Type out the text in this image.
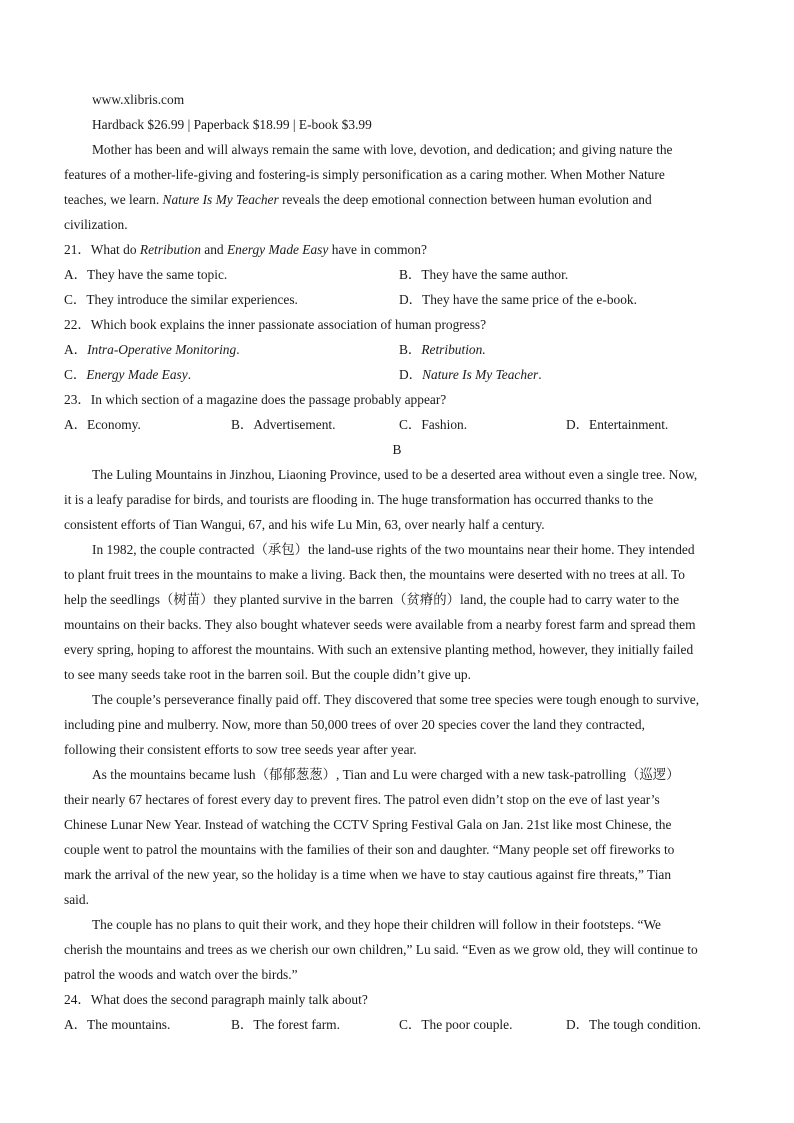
www.xlibris.com
Hardback $26.99 | Paperback $18.99 | E-book $3.99
Mother has been and will always remain the same with love, devotion, and dedication; and giving nature the
features of a mother-life-giving and fostering-is simply personification as a caring mother. When Mother Nature
teaches, we learn. Nature Is My Teacher reveals the deep emotional connection between human evolution and
civilization.
21．What do Retribution and Energy Made Easy have in common?
A．They have the same topic.	B．They have the same author.
C．They introduce the similar experiences.	D．They have the same price of the e-book.
22．Which book explains the inner passionate association of human progress?
A．Intra-Operative Monitoring.	B．Retribution.
C．Energy Made Easy.	D．Nature Is My Teacher.
23．In which section of a magazine does the passage probably appear?
A．Economy.	B．Advertisement.	C．Fashion.	D．Entertainment.
B
The Luling Mountains in Jinzhou, Liaoning Province, used to be a deserted area without even a single tree. Now,
it is a leafy paradise for birds, and tourists are flooding in. The huge transformation has occurred thanks to the
consistent efforts of Tian Wangui, 67, and his wife Lu Min, 63, over nearly half a century.
In 1982, the couple contracted（承包）the land-use rights of the two mountains near their home. They intended
to plant fruit trees in the mountains to make a living. Back then, the mountains were deserted with no trees at all. To
help the seedlings（树苗）they planted survive in the barren（贫瘠的）land, the couple had to carry water to the
mountains on their backs. They also bought whatever seeds were available from a nearby forest farm and spread them
every spring, hoping to afforest the mountains. With such an extensive planting method, however, they initially failed
to see many seeds take root in the barren soil. But the couple didn’t give up.
The couple’s perseverance finally paid off. They discovered that some tree species were tough enough to survive,
including pine and mulberry. Now, more than 50,000 trees of over 20 species cover the land they contracted,
following their consistent efforts to sow tree seeds year after year.
As the mountains became lush（郁郁葱葱）, Tian and Lu were charged with a new task-patrolling（巡逻）
their nearly 67 hectares of forest every day to prevent fires. The patrol even didn’t stop on the eve of last year’s
Chinese Lunar New Year. Instead of watching the CCTV Spring Festival Gala on Jan. 21st like most Chinese, the
couple went to patrol the mountains with the families of their son and daughter. “Many people set off fireworks to
mark the arrival of the new year, so the holiday is a time when we have to stay cautious against fire threats,” Tian
said.
The couple has no plans to quit their work, and they hope their children will follow in their footsteps. “We
cherish the mountains and trees as we cherish our own children,” Lu said. “Even as we grow old, they will continue to
patrol the woods and watch over the birds.”
24．What does the second paragraph mainly talk about?
A．The mountains.	B．The forest farm.	C．The poor couple.	D．The tough condition.
